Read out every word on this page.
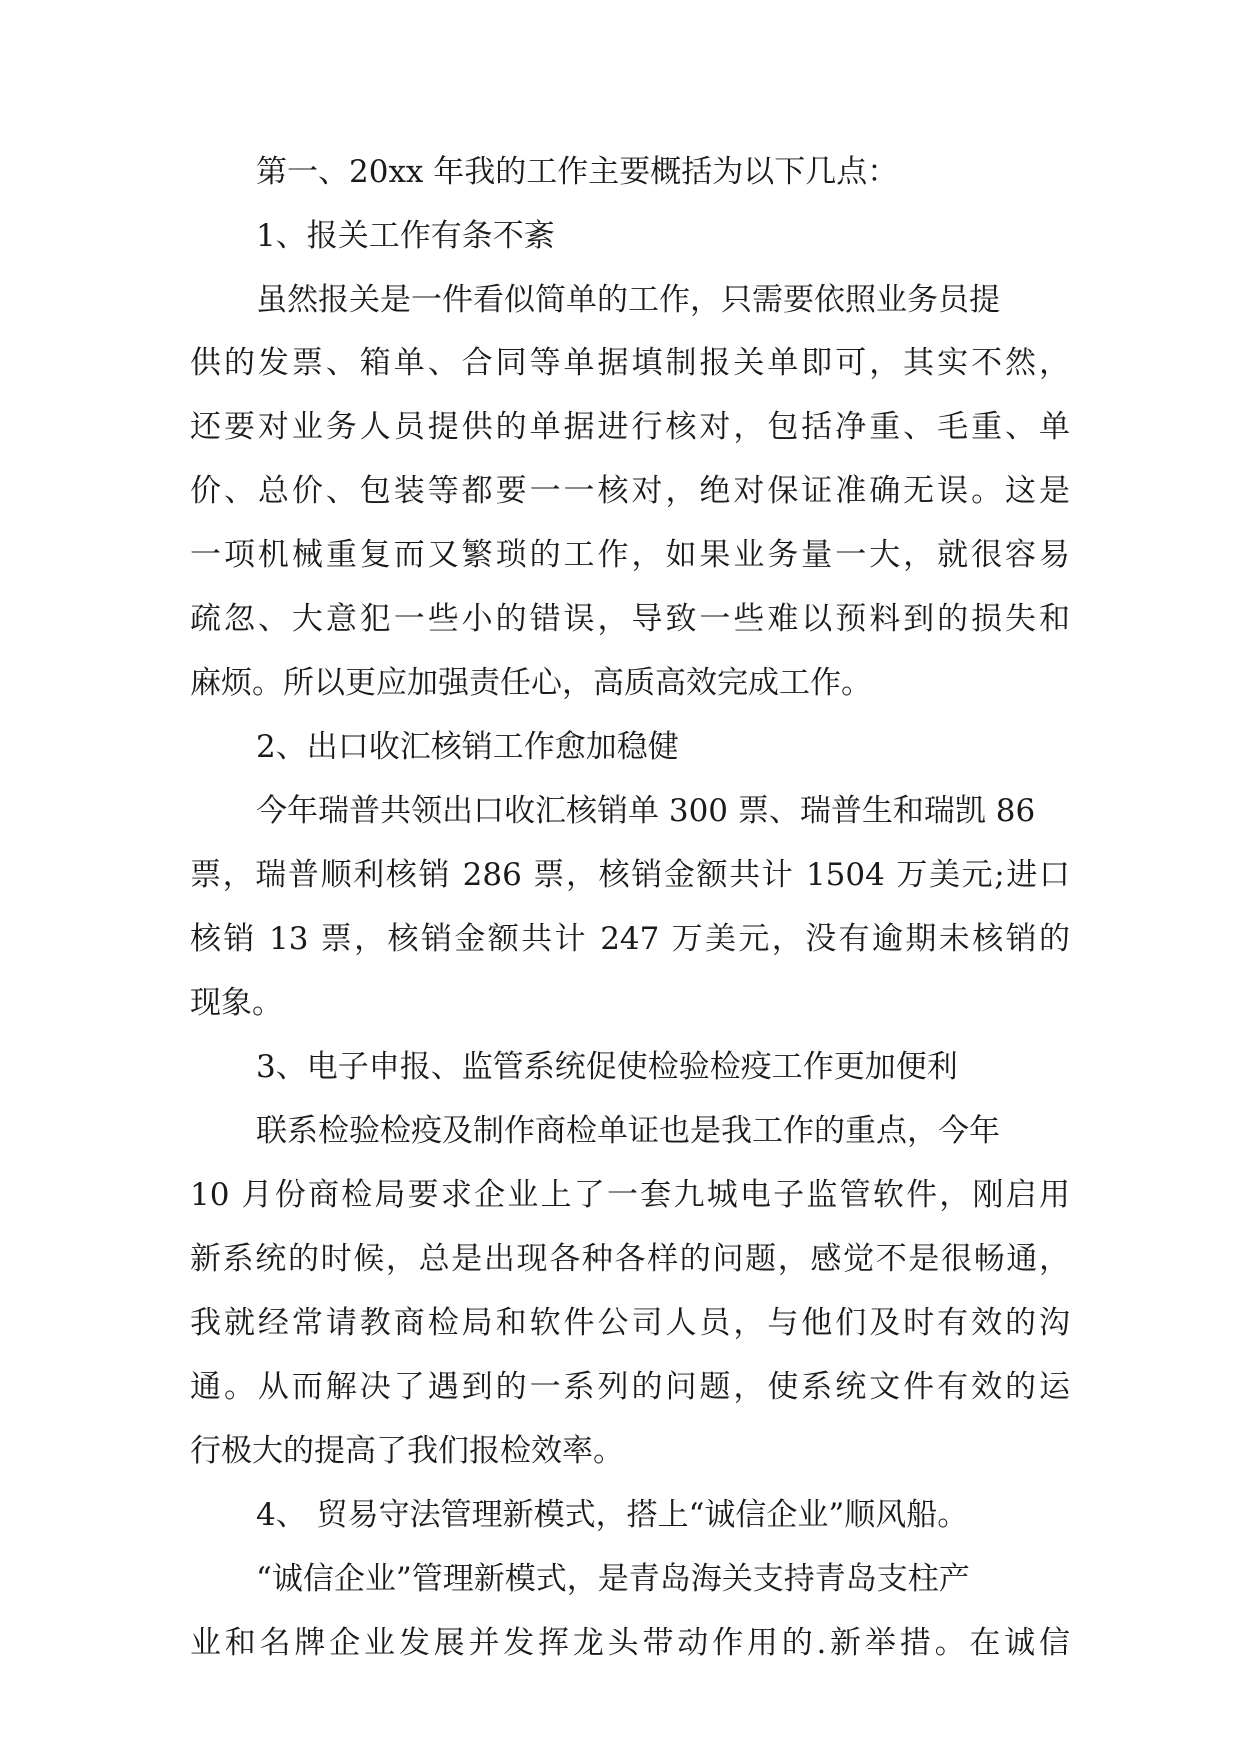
第一、20xx 年我的工作主要概括为以下几点：

1、报关工作有条不紊

虽然报关是一件看似简单的工作，只需要依照业务员提

供的发票、箱单、合同等单据填制报关单即可，其实不然，

还要对业务人员提供的单据进行核对，包括净重、毛重、单

价、总价、包装等都要一一核对，绝对保证准确无误。这是

一项机械重复而又繁琐的工作，如果业务量一大，就很容易

疏忽、大意犯一些小的错误，导致一些难以预料到的损失和

麻烦。所以更应加强责任心，高质高效完成工作。

2、出口收汇核销工作愈加稳健

今年瑞普共领出口收汇核销单 300 票、瑞普生和瑞凯 86

票，瑞普顺利核销 286 票，核销金额共计 1504 万美元;进口

核销 13 票，核销金额共计 247 万美元，没有逾期未核销的

现象。

3、电子申报、监管系统促使检验检疫工作更加便利

联系检验检疫及制作商检单证也是我工作的重点，今年

10 月份商检局要求企业上了一套九城电子监管软件，刚启用

新系统的时候，总是出现各种各样的问题，感觉不是很畅通，

我就经常请教商检局和软件公司人员，与他们及时有效的沟

通。从而解决了遇到的一系列的问题，使系统文件有效的运

行极大的提高了我们报检效率。

4、 贸易守法管理新模式，搭上“诚信企业”顺风船。

“诚信企业”管理新模式，是青岛海关支持青岛支柱产

业和名牌企业发展并发挥龙头带动作用的.新举措。在诚信
